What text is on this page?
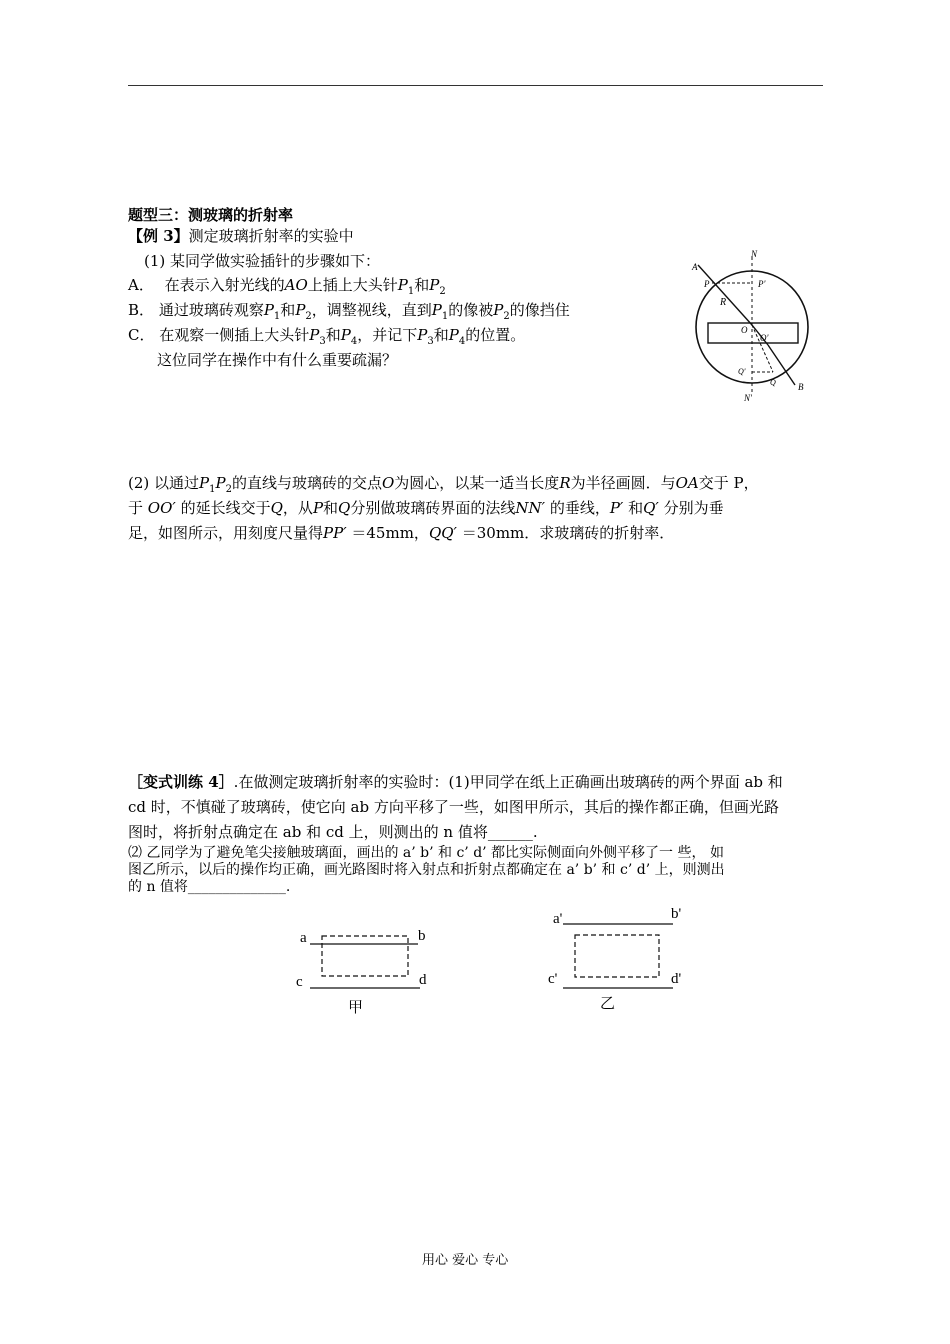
题型三：测玻璃的折射率
【例 3】测定玻璃折射率的实验中
(1) 某同学做实验插针的步骤如下：
A． 在表示入射光线的AO上插上大头针$P_1$和$P_2$
B． 通过玻璃砖观察$P_1$和$P_2$，调整视线，直到$P_1$的像被$P_2$的像挡住
C． 在观察一侧插上大头针$P_3$和$P_4$，并记下$P_3$和$P_4$的位置。
这位同学在操作中有什么重要疏漏？
A
N
P	P'
R
O
O'
Q'
Q B
N'
(2) 以通过$P_1P_2$的直线与玻璃砖的交点O为圆心，以某一适当长度R为半径画圆．与OA交于 P，
于 OO′ 的延长线交于Q，从P和Q分别做玻璃砖界面的法线NN′ 的垂线，P′ 和Q′ 分别为垂
足，如图所示，用刻度尺量得PP′ ＝45mm，QQ′ ＝30mm．求玻璃砖的折射率．
［变式训练 4］.在做测定玻璃折射率的实验时：(1)甲同学在纸上正确画出玻璃砖的两个界面 ab 和
cd 时，不慎碰了玻璃砖，使它向 ab 方向平移了一些，如图甲所示，其后的操作都正确，但画光路
图时，将折射点确定在 ab 和 cd 上，则测出的 n 值将______.
⑵ 乙同学为了避免笔尖接触玻璃面，画出的 a’ b’ 和 c’ d’ 都比实际侧面向外侧平移了一 些， 如
图乙所示，以后的操作均正确，画光路图时将入射点和折射点都确定在 a’ b’ 和 c’ d’ 上，则测出
的 n 值将______________.
a	b
c	d
甲
a'	b'
c'	d'
乙
用心 爱心 专心
